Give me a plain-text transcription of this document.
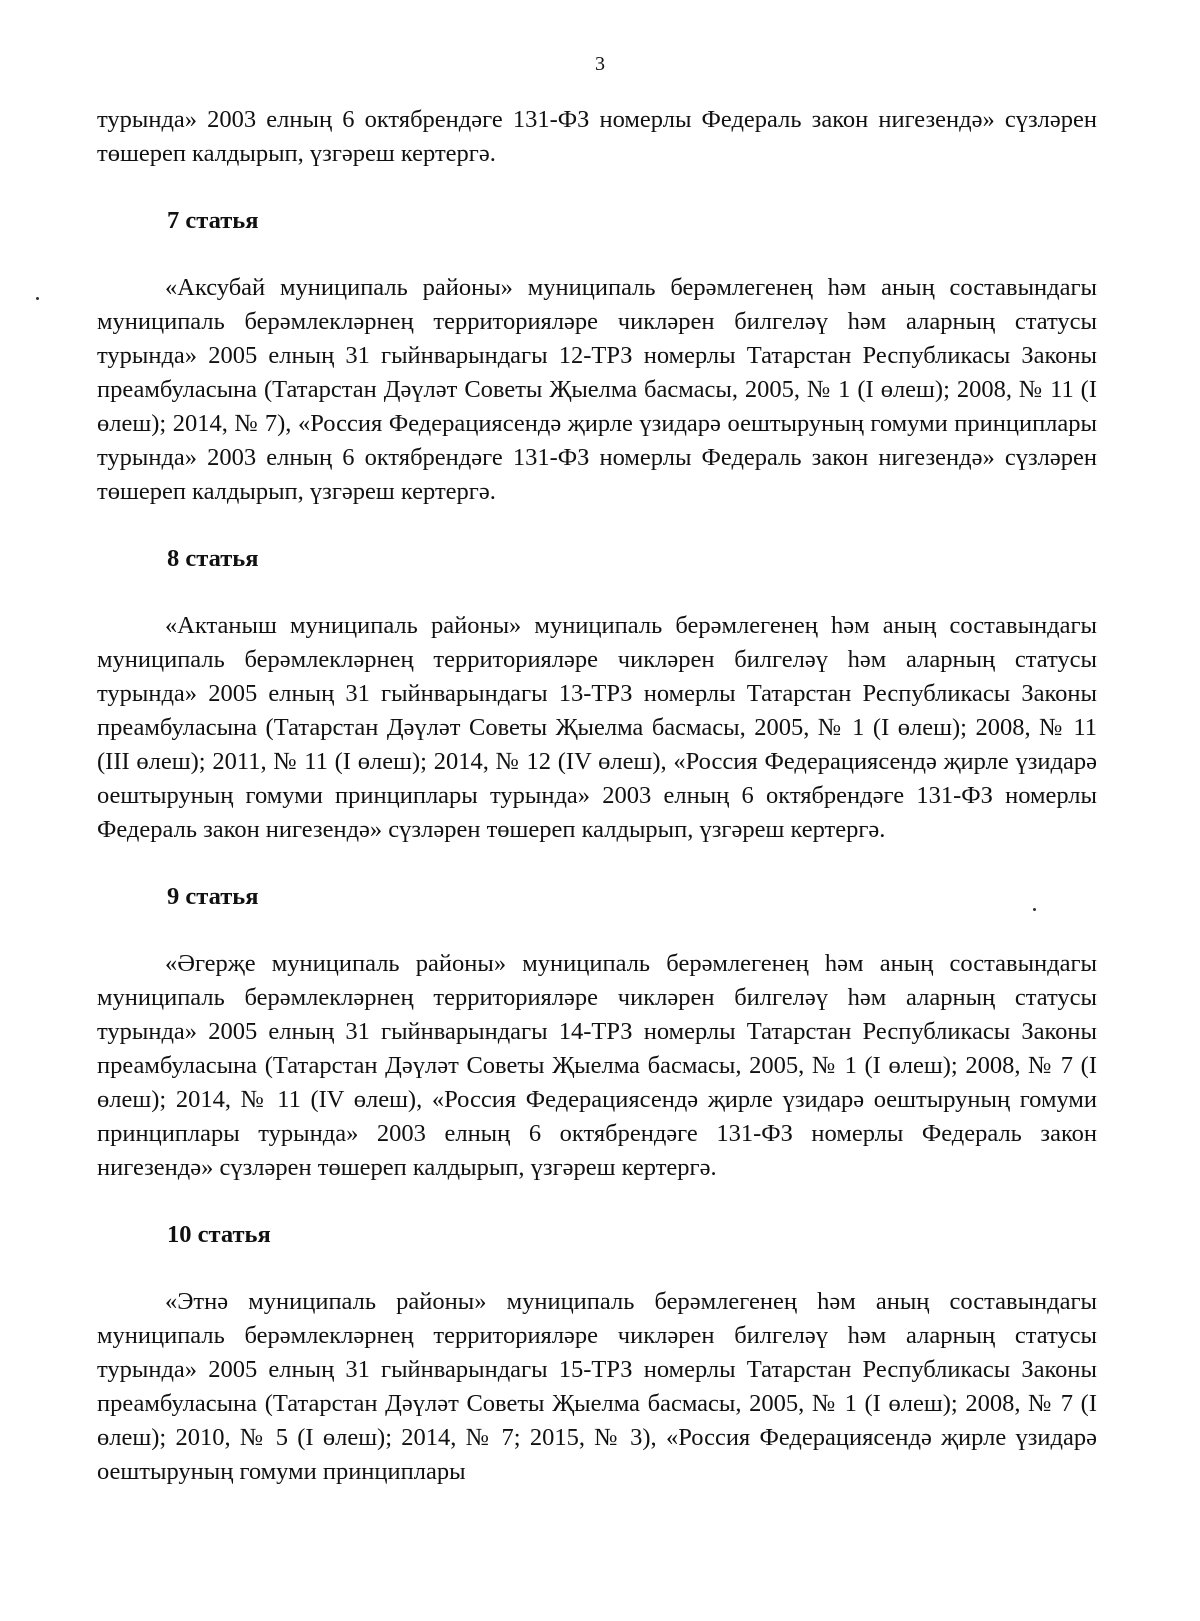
3

турында» 2003 елның 6 октябрендәге 131-ФЗ номерлы Федераль закон нигезендә» сүзләрен төшереп калдырып, үзгәреш кертергә.

7 статья

«Аксубай муниципаль районы» муниципаль берәмлегенең һәм аның составындагы муниципаль берәмлекләрнең территорияләре чикләрен билгеләү һәм аларның статусы турында» 2005 елның 31 гыйнварындагы 12-ТРЗ номерлы Татарстан Республикасы Законы преамбуласына (Татарстан Дәүләт Советы Җыелма басмасы, 2005, № 1 (I өлеш); 2008, № 11 (I өлеш); 2014, № 7), «Россия Федерациясендә җирле үзидарә оештыруның гомуми принциплары турында» 2003 елның 6 октябрендәге 131-ФЗ номерлы Федераль закон нигезендә» сүзләрен төшереп калдырып, үзгәреш кертергә.

8 статья

«Актаныш муниципаль районы» муниципаль берәмлегенең һәм аның составындагы муниципаль берәмлекләрнең территорияләре чикләрен билгеләү һәм аларның статусы турында» 2005 елның 31 гыйнварындагы 13-ТРЗ номерлы Татарстан Республикасы Законы преамбуласына (Татарстан Дәүләт Советы Җыелма басмасы, 2005, № 1 (I өлеш); 2008, № 11 (III өлеш); 2011, № 11 (I өлеш); 2014, № 12 (IV өлеш), «Россия Федерациясендә җирле үзидарә оештыруның гомуми принциплары турында» 2003 елның 6 октябрендәге 131-ФЗ номерлы Федераль закон нигезендә» сүзләрен төшереп калдырып, үзгәреш кертергә.

9 статья

«Әгерҗе муниципаль районы» муниципаль берәмлегенең һәм аның составындагы муниципаль берәмлекләрнең территорияләре чикләрен билгеләү һәм аларның статусы турында» 2005 елның 31 гыйнварындагы 14-ТРЗ номерлы Татарстан Республикасы Законы преамбуласына (Татарстан Дәүләт Советы Җыелма басмасы, 2005, № 1 (I өлеш); 2008, № 7 (I өлеш); 2014, № 11 (IV өлеш), «Россия Федерациясендә җирле үзидарә оештыруның гомуми принциплары турында» 2003 елның 6 октябрендәге 131-ФЗ номерлы Федераль закон нигезендә» сүзләрен төшереп калдырып, үзгәреш кертергә.

10 статья

«Этнә муниципаль районы» муниципаль берәмлегенең һәм аның составындагы муниципаль берәмлекләрнең территорияләре чикләрен билгеләү һәм аларның статусы турында» 2005 елның 31 гыйнварындагы 15-ТРЗ номерлы Татарстан Республикасы Законы преамбуласына (Татарстан Дәүләт Советы Җыелма басмасы, 2005, № 1 (I өлеш); 2008, № 7 (I өлеш); 2010, № 5 (I өлеш); 2014, № 7; 2015, № 3), «Россия Федерациясендә җирле үзидарә оештыруның гомуми принциплары
